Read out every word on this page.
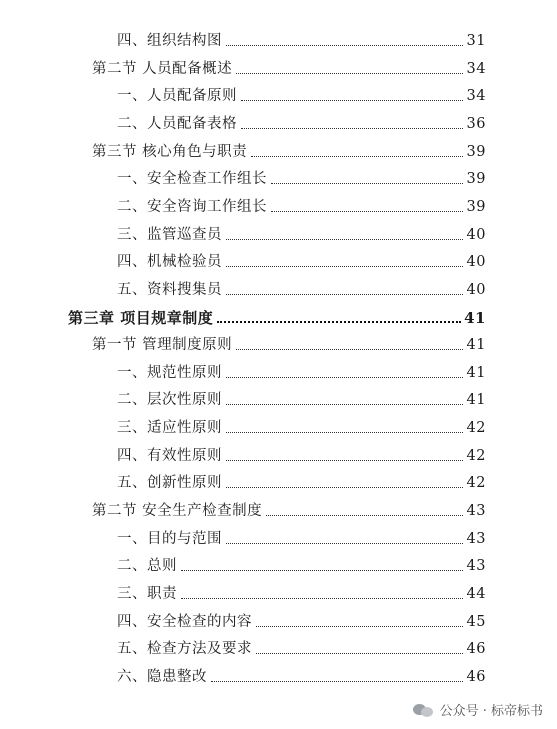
四、组织结构图	31
第二节 人员配备概述	34
一、人员配备原则	34
二、人员配备表格	36
第三节 核心角色与职责	39
一、安全检查工作组长	39
二、安全咨询工作组长	39
三、监管巡查员	40
四、机械检验员	40
五、资料搜集员	40
第三章 项目规章制度	41
第一节 管理制度原则	41
一、规范性原则	41
二、层次性原则	41
三、适应性原则	42
四、有效性原则	42
五、创新性原则	42
第二节 安全生产检查制度	43
一、目的与范围	43
二、总则	43
三、职责	44
四、安全检查的内容	45
五、检查方法及要求	46
六、隐患整改	46
公众号 · 标帝标书
